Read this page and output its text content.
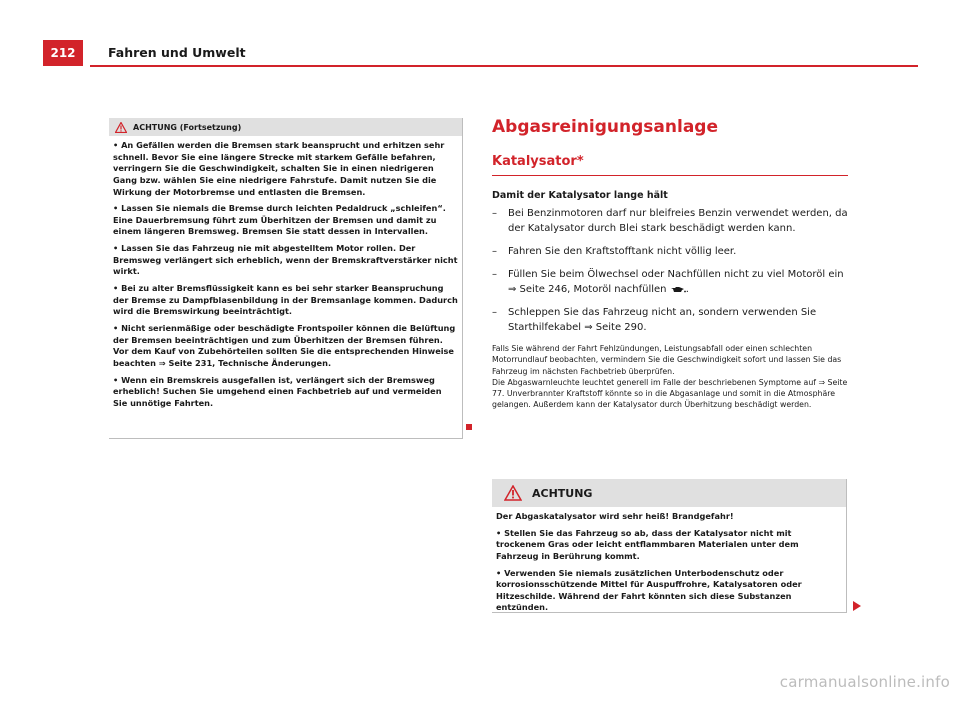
212	Fahren und Umwelt
ACHTUNG (Fortsetzung)

• An Gefällen werden die Bremsen stark beansprucht und erhitzen sehr schnell. Bevor Sie eine längere Strecke mit starkem Gefälle befahren, verringern Sie die Geschwindigkeit, schalten Sie in einen niedrigeren Gang bzw. wählen Sie eine niedrigere Fahrstufe. Damit nutzen Sie die Wirkung der Motorbremse und entlasten die Bremsen.

• Lassen Sie niemals die Bremse durch leichten Pedaldruck „schleifen“. Eine Dauerbremsung führt zum Überhitzen der Bremsen und damit zu einem längeren Bremsweg. Bremsen Sie statt dessen in Intervallen.

• Lassen Sie das Fahrzeug nie mit abgestelltem Motor rollen. Der Bremsweg verlängert sich erheblich, wenn der Bremskraftverstärker nicht wirkt.

• Bei zu alter Bremsflüssigkeit kann es bei sehr starker Beanspruchung der Bremse zu Dampfblasenbildung in der Bremsanlage kommen. Dadurch wird die Bremswirkung beeinträchtigt.

• Nicht serienmäßige oder beschädigte Frontspoiler können die Belüftung der Bremsen beeinträchtigen und zum Überhitzen der Bremsen führen. Vor dem Kauf von Zubehörteilen sollten Sie die entsprechenden Hinweise beachten ⇒ Seite 231, Technische Änderungen.

• Wenn ein Bremskreis ausgefallen ist, verlängert sich der Bremsweg erheblich! Suchen Sie umgehend einen Fachbetrieb auf und vermeiden Sie unnötige Fahrten.

Abgasreinigungsanlage
Katalysator*
Damit der Katalysator lange hält
–	Bei Benzinmotoren darf nur bleifreies Benzin verwendet werden, da der Katalysator durch Blei stark beschädigt werden kann.
–	Fahren Sie den Kraftstofftank nicht völlig leer.
–	Füllen Sie beim Ölwechsel oder Nachfüllen nicht zu viel Motoröl ein ⇒ Seite 246, Motoröl nachfüllen .
–	Schleppen Sie das Fahrzeug nicht an, sondern verwenden Sie Starthilfekabel ⇒ Seite 290.

Falls Sie während der Fahrt Fehlzündungen, Leistungsabfall oder einen schlechten Motorrundlauf beobachten, vermindern Sie die Geschwindigkeit sofort und lassen Sie das Fahrzeug im nächsten Fachbetrieb überprüfen.

Die Abgaswarnleuchte leuchtet generell im Falle der beschriebenen Symptome auf ⇒ Seite 77. Unverbrannter Kraftstoff könnte so in die Abgasanlage und somit in die Atmosphäre gelangen. Außerdem kann der Katalysator durch Überhitzung beschädigt werden.

ACHTUNG

Der Abgaskatalysator wird sehr heiß! Brandgefahr!

• Stellen Sie das Fahrzeug so ab, dass der Katalysator nicht mit trockenem Gras oder leicht entflammbaren Materialen unter dem Fahrzeug in Berührung kommt.

• Verwenden Sie niemals zusätzlichen Unterbodenschutz oder korrosionsschützende Mittel für Auspuffrohre, Katalysatoren oder Hitzeschilde. Während der Fahrt könnten sich diese Substanzen entzünden.

carmanualsonline.info
